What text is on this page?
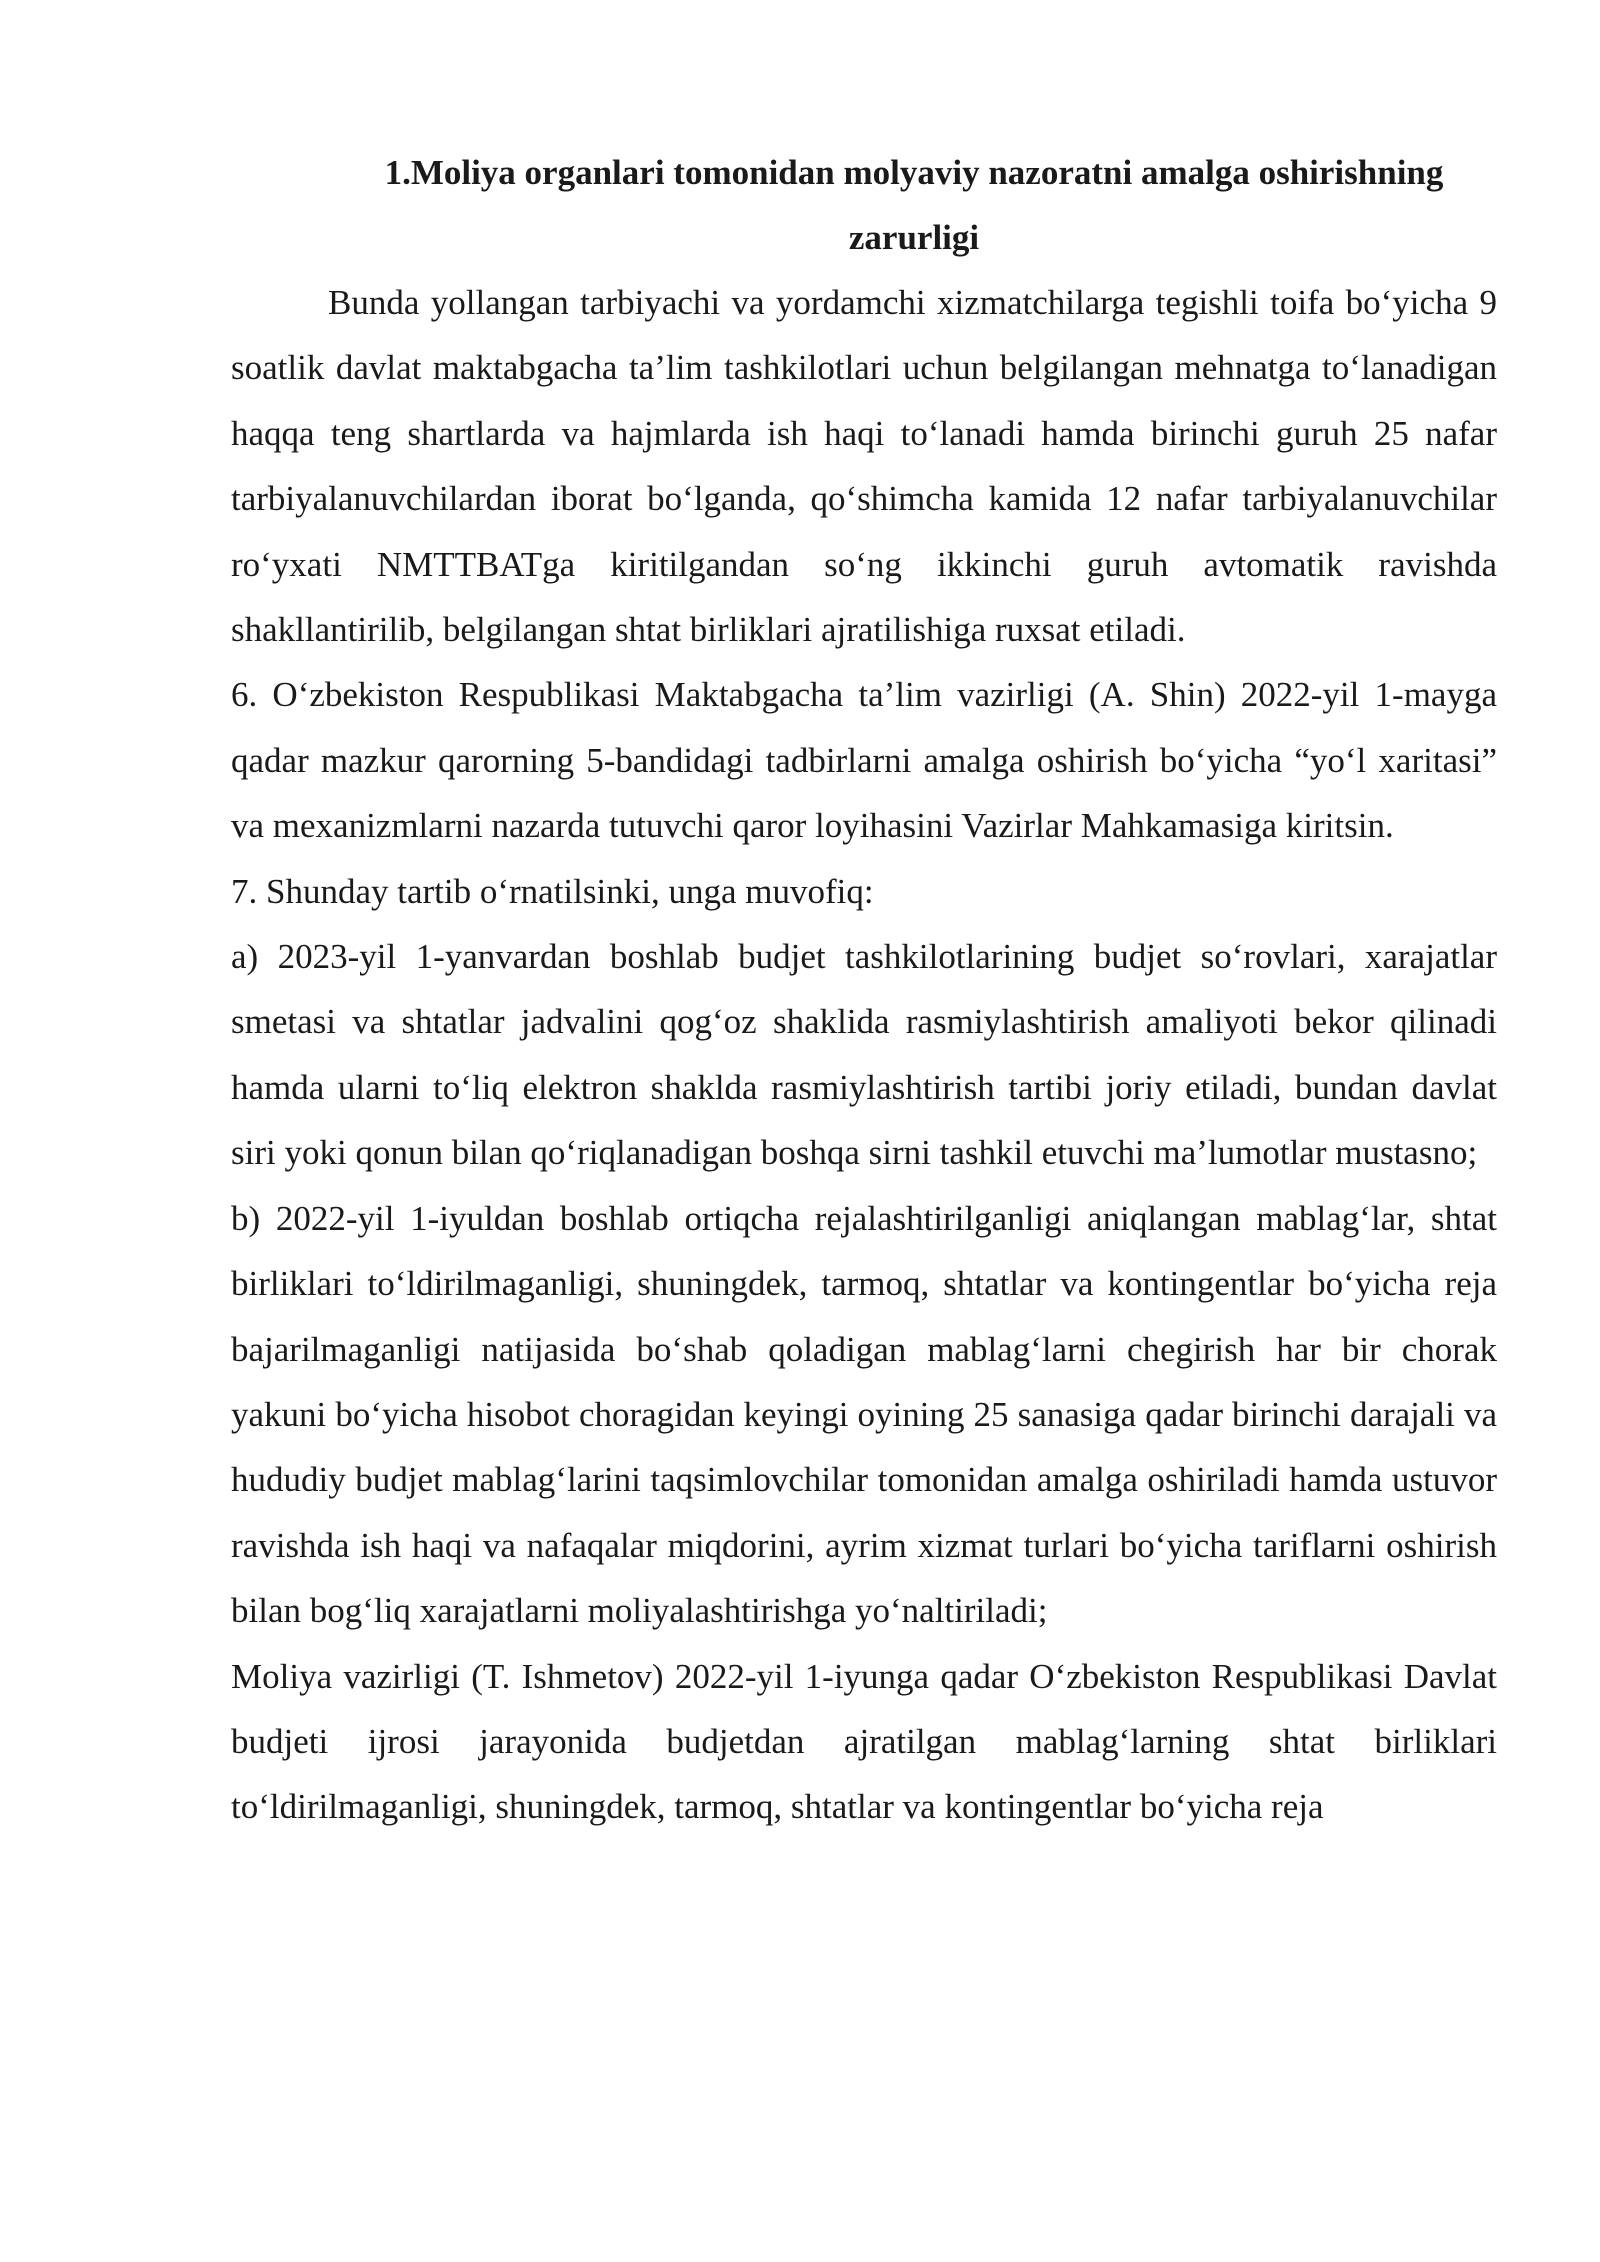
1.Moliya organlari tomonidan molyaviy nazoratni amalga oshirishning zarurligi

Bunda yollangan tarbiyachi va yordamchi xizmatchilarga tegishli toifa bo‘yicha 9 soatlik davlat maktabgacha ta’lim tashkilotlari uchun belgilangan mehnatga to‘lanadigan haqqa teng shartlarda va hajmlarda ish haqi to‘lanadi hamda birinchi guruh 25 nafar tarbiyalanuvchilardan iborat bo‘lganda, qo‘shimcha kamida 12 nafar tarbiyalanuvchilar ro‘yxati NMTTBATga kiritilgandan so‘ng ikkinchi guruh avtomatik ravishda shakllantirilib, belgilangan shtat birliklari ajratilishiga ruxsat etiladi.

6. O‘zbekiston Respublikasi Maktabgacha ta’lim vazirligi (A. Shin) 2022-yil 1-mayga qadar mazkur qarorning 5-bandidagi tadbirlarni amalga oshirish bo‘yicha “yo‘l xaritasi” va mexanizmlarni nazarda tutuvchi qaror loyihasini Vazirlar Mahkamasiga kiritsin.

7. Shunday tartib o‘rnatilsinki, unga muvofiq:

a) 2023-yil 1-yanvardan boshlab budjet tashkilotlarining budjet so‘rovlari, xarajatlar smetasi va shtatlar jadvalini qog‘oz shaklida rasmiylashtirish amaliyoti bekor qilinadi hamda ularni to‘liq elektron shaklda rasmiylashtirish tartibi joriy etiladi, bundan davlat siri yoki qonun bilan qo‘riqlanadigan boshqa sirni tashkil etuvchi ma’lumotlar mustasno;

b) 2022-yil 1-iyuldan boshlab ortiqcha rejalashtirilganligi aniqlangan mablag‘lar, shtat birliklari to‘ldirilmaganligi, shuningdek, tarmoq, shtatlar va kontingentlar bo‘yicha reja bajarilmaganligi natijasida bo‘shab qoladigan mablag‘larni chegirish har bir chorak yakuni bo‘yicha hisobot choragidan keyingi oyining 25 sanasiga qadar birinchi darajali va hududiy budjet mablag‘larini taqsimlovchilar tomonidan amalga oshiriladi hamda ustuvor ravishda ish haqi va nafaqalar miqdorini, ayrim xizmat turlari bo‘yicha tariflarni oshirish bilan bog‘liq xarajatlarni moliyalashtirishga yo‘naltiriladi;

Moliya vazirligi (T. Ishmetov) 2022-yil 1-iyunga qadar O‘zbekiston Respublikasi Davlat budjeti ijrosi jarayonida budjetdan ajratilgan mablag‘larning shtat birliklari to‘ldirilmaganligi, shuningdek, tarmoq, shtatlar va kontingentlar bo‘yicha reja
